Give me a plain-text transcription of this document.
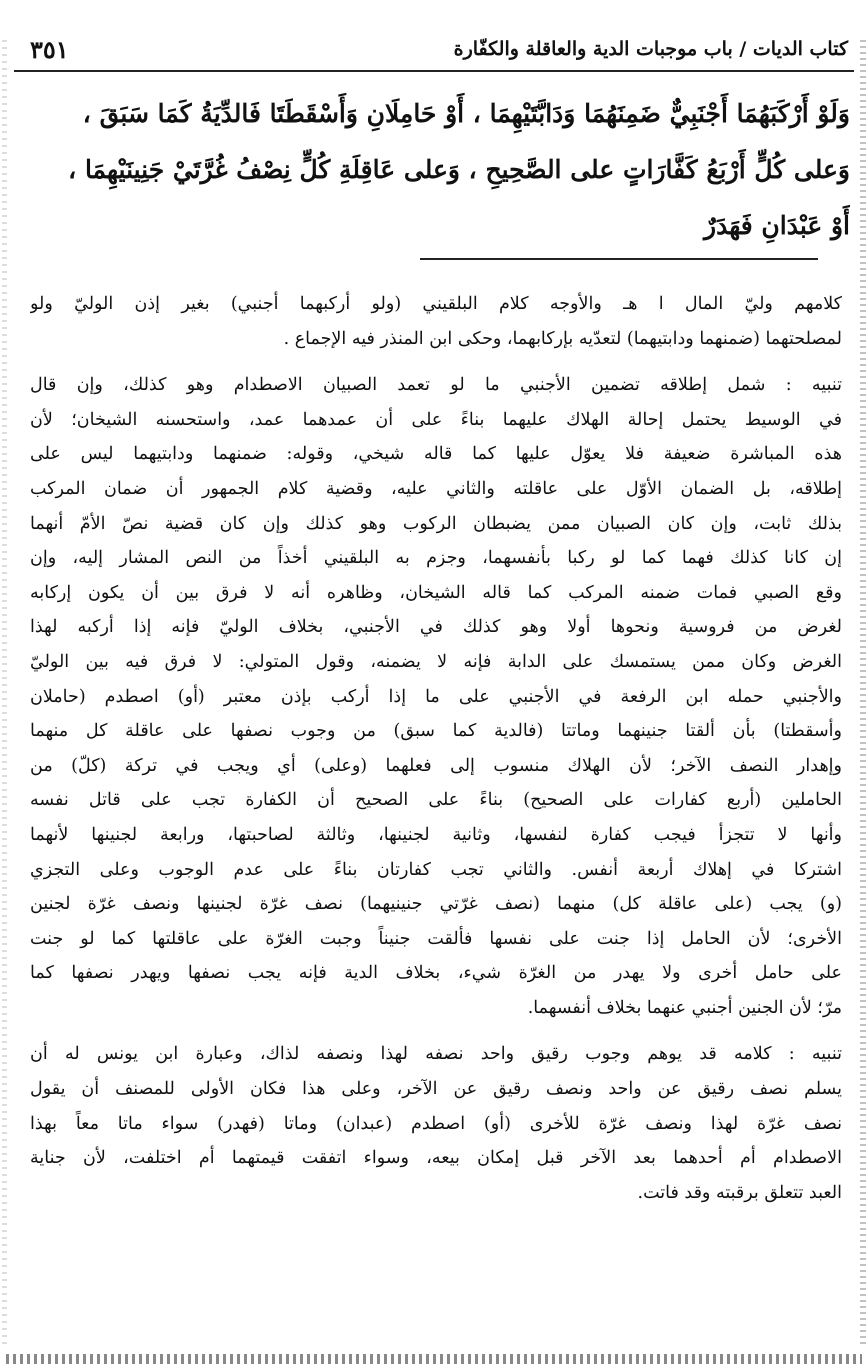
كتاب الديات / باب موجبات الدية والعاقلة والكفّارة
٣٥١
وَلَوْ أَرْكَبَهُمَا أَجْنَبِيٌّ ضَمِنَهُمَا وَدَابَّتَيْهِمَا ، أَوْ حَامِلَانِ وَأَسْقَطَتَا فَالدِّيَةُ كَمَا سَبَقَ ،
وَعلى كُلٍّ أَرْبَعُ كَفَّارَاتٍ على الصَّحِيحِ ، وَعلى عَاقِلَةِ كُلٍّ نِصْفُ غُرَّتَيْ جَنِينَيْهِمَا ،
أَوْ عَبْدَانِ فَهَدَرٌ

كلامهم وليّ المال ا هـ والأوجه كلام البلقيني (ولو أركبهما أجنبي) بغير إذن الوليّ ولو
لمصلحتهما (ضمنهما ودابتيهما) لتعدّيه بإركابهما، وحكى ابن المنذر فيه الإجماع .

تنبيه : شمل إطلاقه تضمين الأجنبي ما لو تعمد الصبيان الاصطدام وهو كذلك، وإن قال
في الوسيط يحتمل إحالة الهلاك عليهما بناءً على أن عمدهما عمد، واستحسنه الشيخان؛ لأن
هذه المباشرة ضعيفة فلا يعوّل عليها كما قاله شيخي، وقوله: ضمنهما ودابتيهما ليس على
إطلاقه، بل الضمان الأوّل على عاقلته والثاني عليه، وقضية كلام الجمهور أن ضمان المركب
بذلك ثابت، وإن كان الصبيان ممن يضبطان الركوب وهو كذلك وإن كان قضية نصّ الأمّ أنهما
إن كانا كذلك فهما كما لو ركبا بأنفسهما، وجزم به البلقيني أخذاً من النص المشار إليه، وإن
وقع الصبي فمات ضمنه المركب كما قاله الشيخان، وظاهره أنه لا فرق بين أن يكون إركابه
لغرض من فروسية ونحوها أولا وهو كذلك في الأجنبي، بخلاف الوليّ فإنه إذا أركبه لهذا
الغرض وكان ممن يستمسك على الدابة فإنه لا يضمنه، وقول المتولي: لا فرق فيه بين الوليّ
والأجنبي حمله ابن الرفعة في الأجنبي على ما إذا أركب بإذن معتبر (أو) اصطدم (حاملان
وأسقطتا) بأن ألقتا جنينهما وماتتا (فالدية كما سبق) من وجوب نصفها على عاقلة كل منهما
وإهدار النصف الآخر؛ لأن الهلاك منسوب إلى فعلهما (وعلى) أي ويجب في تركة (كلّ) من
الحاملين (أربع كفارات على الصحيح) بناءً على الصحيح أن الكفارة تجب على قاتل نفسه
وأنها لا تتجزأ فيجب كفارة لنفسها، وثانية لجنينها، وثالثة لصاحبتها، ورابعة لجنينها لأنهما
اشتركا في إهلاك أربعة أنفس. والثاني تجب كفارتان بناءً على عدم الوجوب وعلى التجزي
(و) يجب (على عاقلة كل) منهما (نصف غرّتي جنينيهما) نصف غرّة لجنينها ونصف غرّة لجنين
الأخرى؛ لأن الحامل إذا جنت على نفسها فألقت جنيناً وجبت الغرّة على عاقلتها كما لو جنت
على حامل أخرى ولا يهدر من الغرّة شيء، بخلاف الدية فإنه يجب نصفها ويهدر نصفها كما
مرّ؛ لأن الجنين أجنبي عنهما بخلاف أنفسهما.

تنبيه : كلامه قد يوهم وجوب رقيق واحد نصفه لهذا ونصفه لذاك، وعبارة ابن يونس له أن
يسلم نصف رقيق عن واحد ونصف رقيق عن الآخر، وعلى هذا فكان الأولى للمصنف أن يقول
نصف غرّة لهذا ونصف غرّة للأخرى (أو) اصطدم (عبدان) وماتا (فهدر) سواء ماتا معاً بهذا
الاصطدام أم أحدهما بعد الآخر قبل إمكان بيعه، وسواء اتفقت قيمتهما أم اختلفت، لأن جناية
العبد تتعلق برقبته وقد فاتت.
